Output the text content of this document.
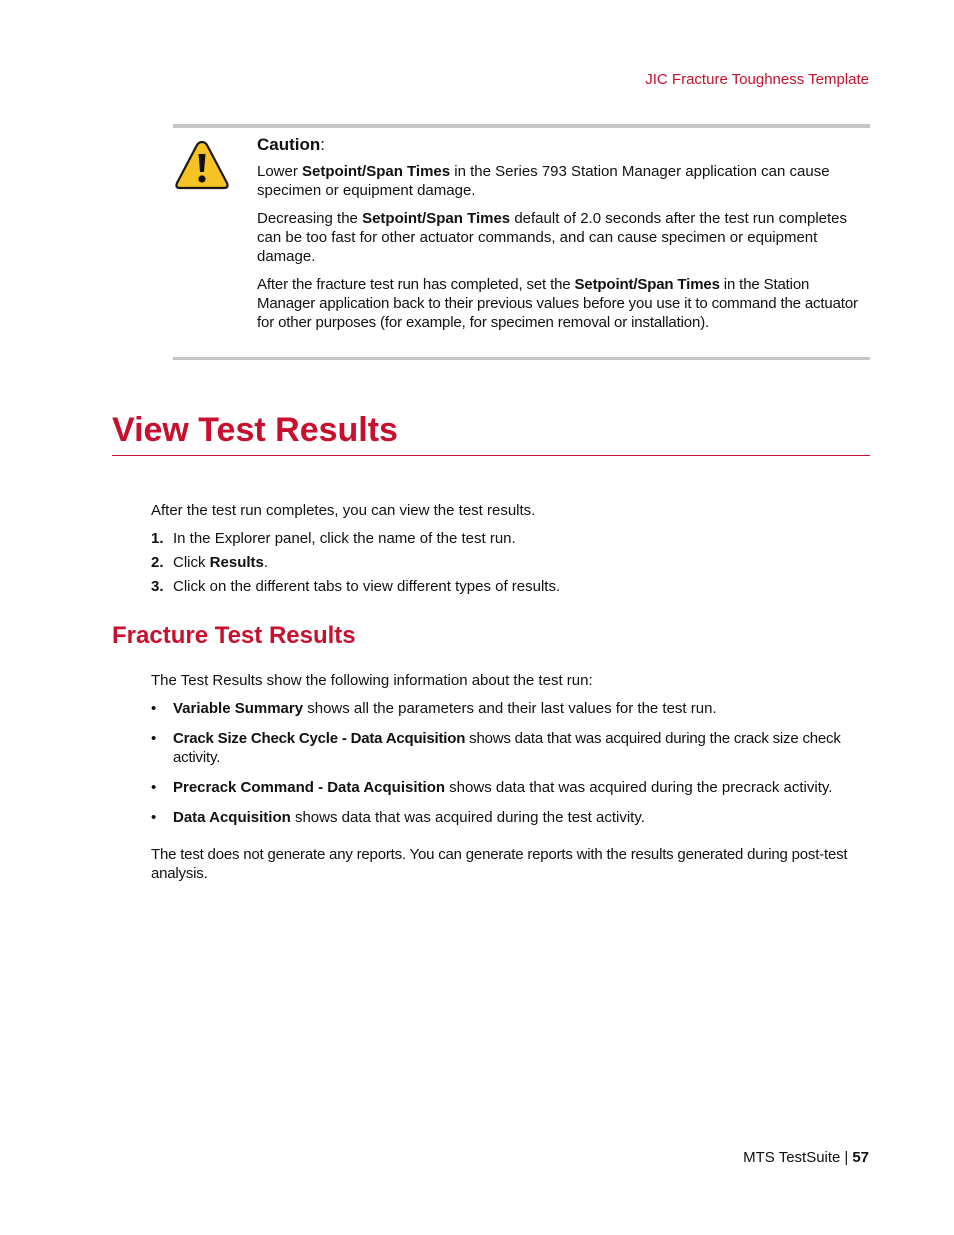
JIC Fracture Toughness Template
Caution:

Lower Setpoint/Span Times in the Series 793 Station Manager application can cause specimen or equipment damage.

Decreasing the Setpoint/Span Times default of 2.0 seconds after the test run completes can be too fast for other actuator commands, and can cause specimen or equipment damage.

After the fracture test run has completed, set the Setpoint/Span Times in the Station Manager application back to their previous values before you use it to command the actuator for other purposes (for example, for specimen removal or installation).

View Test Results

After the test run completes, you can view the test results.

1. In the Explorer panel, click the name of the test run.
2. Click Results.
3. Click on the different tabs to view different types of results.
Fracture Test Results

The Test Results show the following information about the test run:

• Variable Summary shows all the parameters and their last values for the test run.
• Crack Size Check Cycle - Data Acquisition shows data that was acquired during the crack size check activity.
• Precrack Command - Data Acquisition shows data that was acquired during the precrack activity.
• Data Acquisition shows data that was acquired during the test activity.

The test does not generate any reports. You can generate reports with the results generated during post-test analysis.

MTS TestSuite | 57
